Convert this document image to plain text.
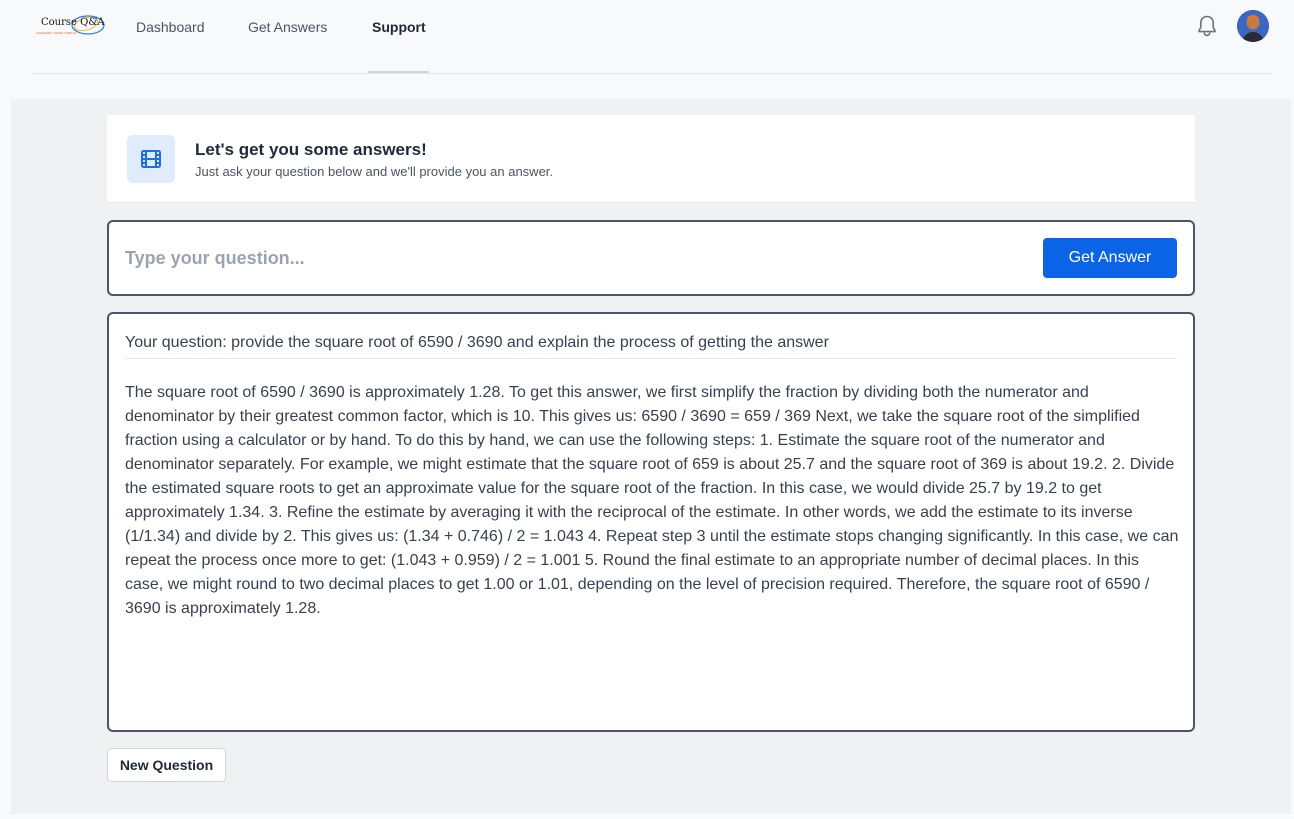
Course Q&A
LEARNING MADE SIMPLE	Dashboard	Get Answers	Support
Let's get you some answers!
Just ask your question below and we'll provide you an answer.
Type your question...
Get Answer
Your question: provide the square root of 6590 / 3690 and explain the process of getting the answer
The square root of 6590 / 3690 is approximately 1.28. To get this answer, we first simplify the fraction by dividing both the numerator and denominator by their greatest common factor, which is 10. This gives us: 6590 / 3690 = 659 / 369 Next, we take the square root of the simplified fraction using a calculator or by hand. To do this by hand, we can use the following steps: 1. Estimate the square root of the numerator and denominator separately. For example, we might estimate that the square root of 659 is about 25.7 and the square root of 369 is about 19.2. 2. Divide the estimated square roots to get an approximate value for the square root of the fraction. In this case, we would divide 25.7 by 19.2 to get approximately 1.34. 3. Refine the estimate by averaging it with the reciprocal of the estimate. In other words, we add the estimate to its inverse (1/1.34) and divide by 2. This gives us: (1.34 + 0.746) / 2 = 1.043 4. Repeat step 3 until the estimate stops changing significantly. In this case, we can repeat the process once more to get: (1.043 + 0.959) / 2 = 1.001 5. Round the final estimate to an appropriate number of decimal places. In this case, we might round to two decimal places to get 1.00 or 1.01, depending on the level of precision required. Therefore, the square root of 6590 / 3690 is approximately 1.28.
New Question
